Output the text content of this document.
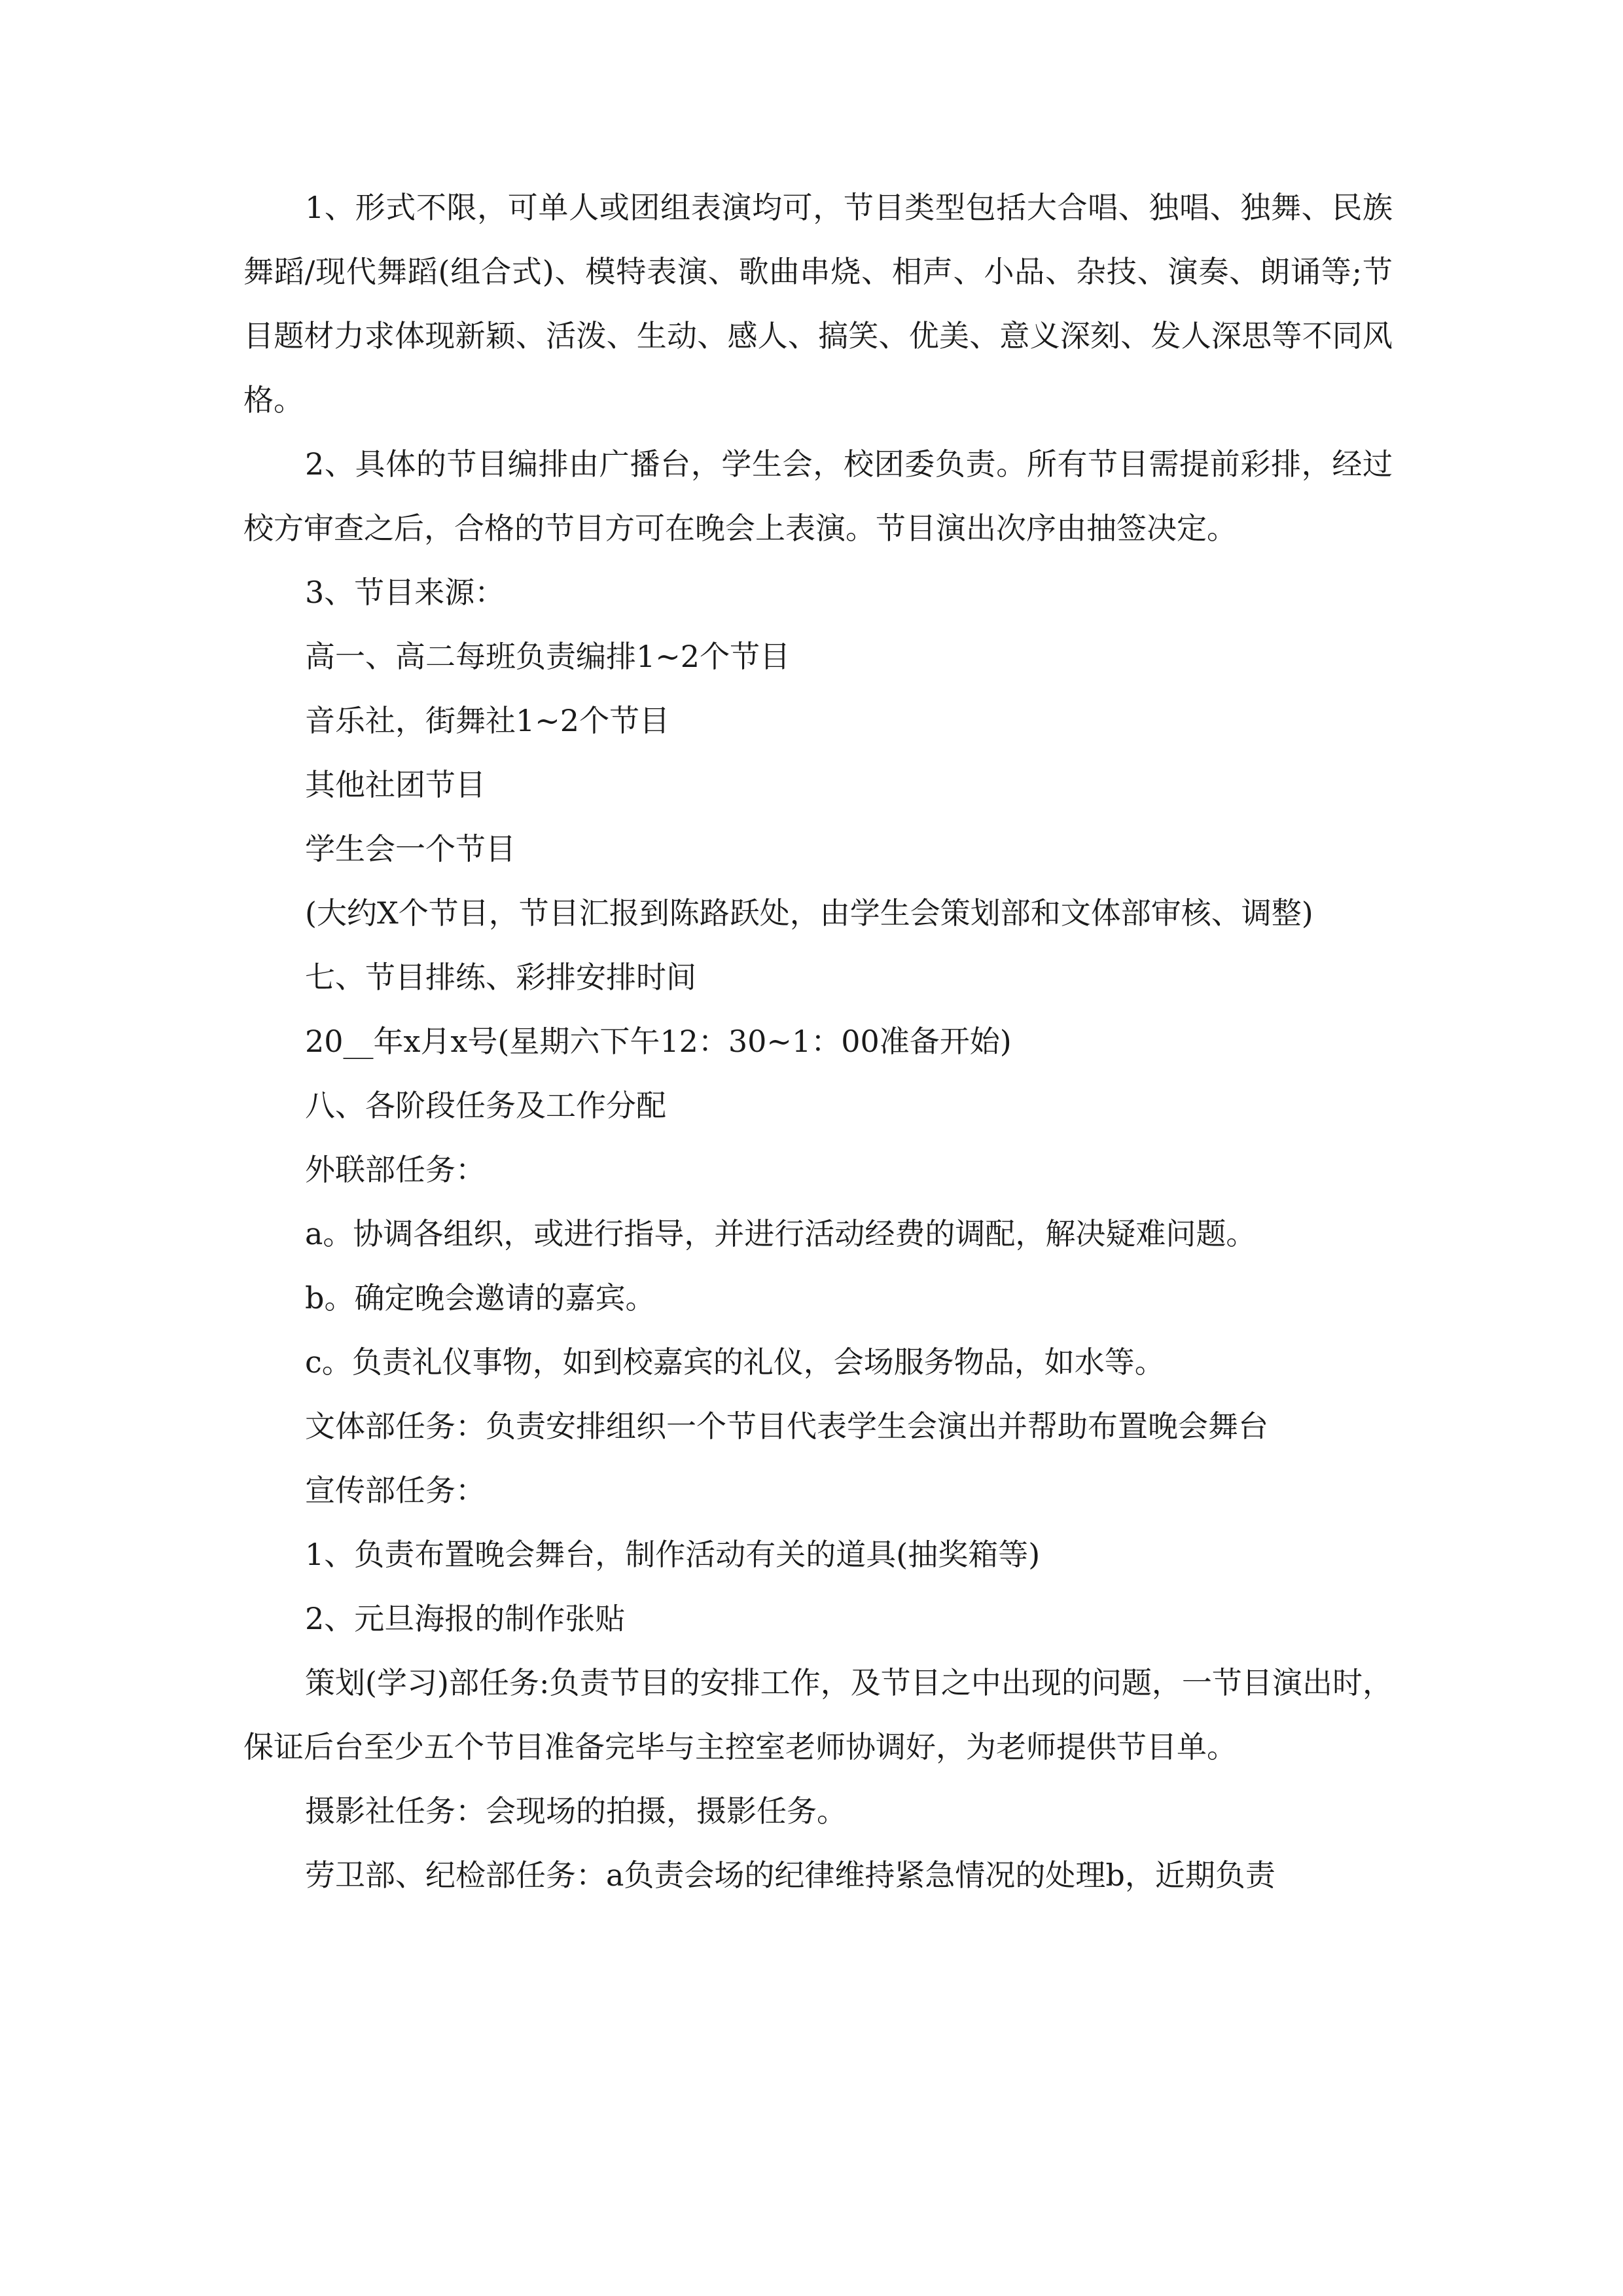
1、形式不限，可单人或团组表演均可，节目类型包括大合唱、独唱、独舞、民族舞蹈/现代舞蹈(组合式)、模特表演、歌曲串烧、相声、小品、杂技、演奏、朗诵等;节目题材力求体现新颖、活泼、生动、感人、搞笑、优美、意义深刻、发人深思等不同风格。

2、具体的节目编排由广播台，学生会，校团委负责。所有节目需提前彩排，经过校方审查之后，合格的节目方可在晚会上表演。节目演出次序由抽签决定。

3、节目来源：

高一、高二每班负责编排1~2个节目

音乐社，街舞社1~2个节目

其他社团节目

学生会一个节目

(大约X个节目，节目汇报到陈路跃处，由学生会策划部和文体部审核、调整)

七、节目排练、彩排安排时间

20__年x月x号(星期六下午12：30~1：00准备开始)

八、各阶段任务及工作分配

外联部任务：

a。协调各组织，或进行指导，并进行活动经费的调配，解决疑难问题。

b。确定晚会邀请的嘉宾。

c。负责礼仪事物，如到校嘉宾的礼仪，会场服务物品，如水等。

文体部任务：负责安排组织一个节目代表学生会演出并帮助布置晚会舞台

宣传部任务：

1、负责布置晚会舞台，制作活动有关的道具(抽奖箱等)

2、元旦海报的制作张贴

策划(学习)部任务:负责节目的安排工作，及节目之中出现的问题，一节目演出时，保证后台至少五个节目准备完毕与主控室老师协调好，为老师提供节目单。

摄影社任务：会现场的拍摄，摄影任务。

劳卫部、纪检部任务：a负责会场的纪律维持紧急情况的处理b，近期负责
